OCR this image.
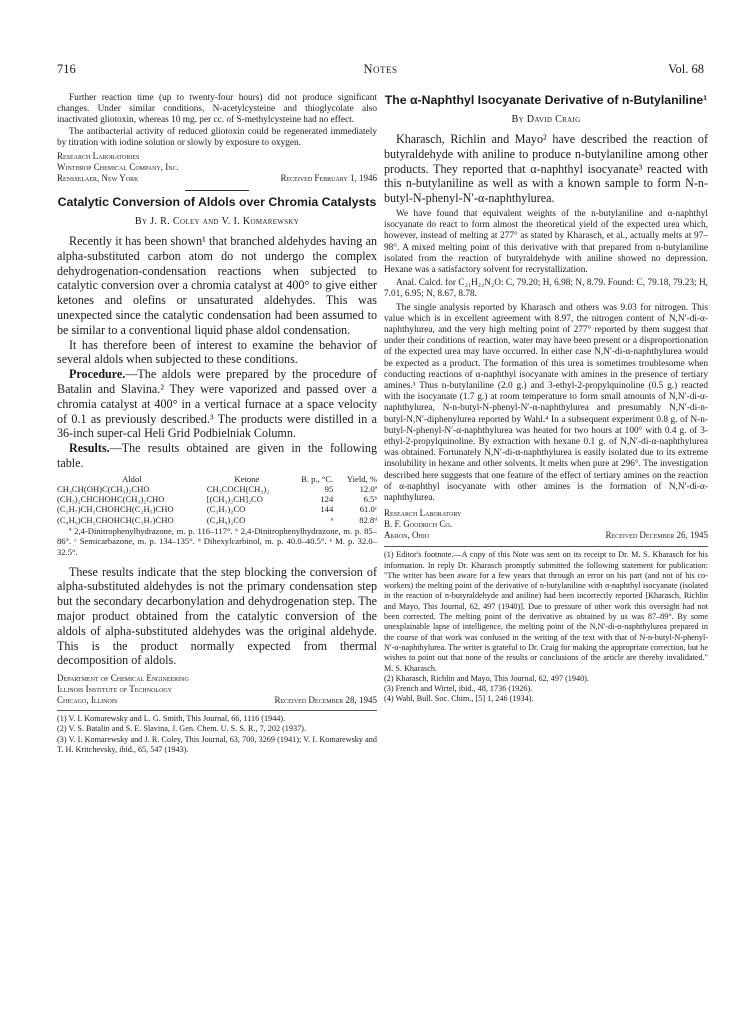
716	Notes	Vol. 68

Further reaction time (up to twenty-four hours) did not produce significant changes. Under similar conditions, N-acetylcysteine and thioglycolate also inactivated gliotoxin, whereas 10 mg. per cc. of S-methylcysteine had no effect.

The antibacterial activity of reduced gliotoxin could be regenerated immediately by titration with iodine solution or slowly by exposure to oxygen.

Research Laboratories
Winthrop Chemical Company, Inc.
Rensselaer, New York	Received February 1, 1946
Catalytic Conversion of Aldols over Chromia Catalysts
By J. R. Coley and V. I. Komarewsky

Recently it has been shown¹ that branched aldehydes having an alpha-substituted carbon atom do not undergo the complex dehydrogenation-condensation reactions when subjected to catalytic conversion over a chromia catalyst at 400° to give either ketones and olefins or unsaturated aldehydes. This was unexpected since the catalytic condensation had been assumed to be similar to a conventional liquid phase aldol condensation.

It has therefore been of interest to examine the behavior of several aldols when subjected to these conditions.

Procedure.—The aldols were prepared by the procedure of Batalin and Slavina.² They were vaporized and passed over a chromia catalyst at 400° in a vertical furnace at a space velocity of 0.1 as previously described.³ The products were distilled in a 36-inch super-cal Heli Grid Podbielniak Column.

Results.—The results obtained are given in the following table.

Aldol	Ketone	B. p., °C.	Yield, %
CH₃CH(OH)C(CH₃)₂CHO	CH₃COCH(CH₃)₂	95	12.0ª
(CH₃)₂CHCHOHC(CH₃)₂CHO	[(CH₃)₂CH]₂CO	124	6.5ᵇ
(C₃H₇)CH₂CHOHCH(C₂H₅)CHO	(C₃H₇)₂CO	144	61.0ᶜ
(C₄H₉)CH₂CHOHCH(C₃H₇)CHO	(C₄H₉)₂CO	ᵉ	82.8ᵈ

ª 2,4-Dinitrophenylhydrazone, m. p. 116–117°. ᵇ 2,4-Dinitrophenylhydrazone, m. p. 85–86°. ᶜ Semicarbazone, m. p. 134–135°. ᵈ Dihexylcarbinol, m. p. 40.0–40.5°. ᵉ M. p. 32.0–32.5°.

These results indicate that the step blocking the conversion of alpha-substituted aldehydes is not the primary condensation step but the secondary decarbonylation and dehydrogenation step. The major product obtained from the catalytic conversion of the aldols of alpha-substituted aldehydes was the original aldehyde. This is the product normally expected from thermal decomposition of aldols.

Department of Chemical Engineering
Illinois Institute of Technology
Chicago, Illinois	Received December 28, 1945
(1) V. I. Komarewsky and L. G. Smith, This Journal, 66, 1116 (1944).
(2) V. S. Batalin and S. E. Slavina, J. Gen. Chem. U. S. S. R., 7, 202 (1937).
(3) V. I. Komarewsky and J. R. Coley, This Journal, 63, 700, 3269 (1941); V. I. Komarewsky and T. H. Kritchevsky, ibid., 65, 547 (1943).
The α-Naphthyl Isocyanate Derivative of n-Butylaniline¹
By David Craig

Kharasch, Richlin and Mayo² have described the reaction of butyraldehyde with aniline to produce n-butylaniline among other products. They reported that α-naphthyl isocyanate³ reacted with this n-butylaniline as well as with a known sample to form N-n-butyl-N-phenyl-N′-α-naphthylurea.

We have found that equivalent weights of the n-butylaniline and α-naphthyl isocyanate do react to form almost the theoretical yield of the expected urea which, however, instead of melting at 277° as stated by Kharasch, et al., actually melts at 97–98°. A mixed melting point of this derivative with that prepared from n-butylaniline isolated from the reaction of butyraldehyde with aniline showed no depression. Hexane was a satisfactory solvent for recrystallization.

Anal. Calcd. for C₂₁H₂₂N₂O: C, 79.20; H, 6.98; N, 8.79. Found: C, 79.18, 79.23; H, 7.01, 6.95; N, 8.67, 8.78.

The single analysis reported by Kharasch and others was 9.03 for nitrogen. This value which is in excellent agreement with 8.97, the nitrogen content of N,N′-di-α-naphthylurea, and the very high melting point of 277° reported by them suggest that under their conditions of reaction, water may have been present or a disproportionation of the expected urea may have occurred. In either case N,N′-di-α-naphthylurea would be expected as a product. The formation of this urea is sometimes troublesome when conducting reactions of α-naphthyl isocyanate with amines in the presence of tertiary amines.³ Thus n-butylaniline (2.0 g.) and 3-ethyl-2-propylquinoline (0.5 g.) reacted with the isocyanate (1.7 g.) at room temperature to form small amounts of N,N′-di-α-naphthylurea, N-n-butyl-N-phenyl-N′-α-naphthylurea and presumably N,N′-di-n-butyl-N,N′-diphenylurea reported by Wahl.⁴ In a subsequent experiment 0.8 g. of N-n-butyl-N-phenyl-N′-α-naphthylurea was heated for two hours at 100° with 0.4 g. of 3-ethyl-2-propylquinoline. By extraction with hexane 0.1 g. of N,N′-di-α-naphthylurea was obtained. Fortunately N,N′-di-α-naphthylurea is easily isolated due to its extreme insolubility in hexane and other solvents. It melts when pure at 296°. The investigation described here suggests that one feature of the effect of tertiary amines on the reaction of α-naphthyl isocyanate with other amines is the formation of N,N′-di-α-naphthylurea.

Research Laboratory
B. F. Goodrich Co.
Akron, Ohio	Received December 26, 1945
(1) Editor's footnote.—A copy of this Note was sent on its receipt to Dr. M. S. Kharasch for his information. In reply Dr. Kharasch promptly submitted the following statement for publication: "The writer has been aware for a few years that through an error on his part (and not of his co-workers) the melting point of the derivative of n-butylaniline with α-naphthyl isocyanate (isolated in the reaction of n-butyraldehyde and aniline) had been incorrectly reported [Kharasch, Richlin and Mayo, This Journal, 62, 497 (1940)]. Due to pressure of other work this oversight had not been corrected. The melting point of the derivative as obtained by us was 87–89°. By some unexplainable lapse of intelligence, the melting point of the N,N′-di-α-naphthylurea prepared in the course of that work was confused in the writing of the text with that of N-n-butyl-N-phenyl-N′-α-naphthylurea. The writer is grateful to Dr. Craig for making the appropriate correction, but he wishes to point out that none of the results or conclusions of the article are thereby invalidated." M. S. Kharasch.
(2) Kharasch, Richlin and Mayo, This Journal, 62, 497 (1940).
(3) French and Wirtel, ibid., 48, 1736 (1926).
(4) Wahl, Bull. Soc. Chim., [5] 1, 246 (1934).
